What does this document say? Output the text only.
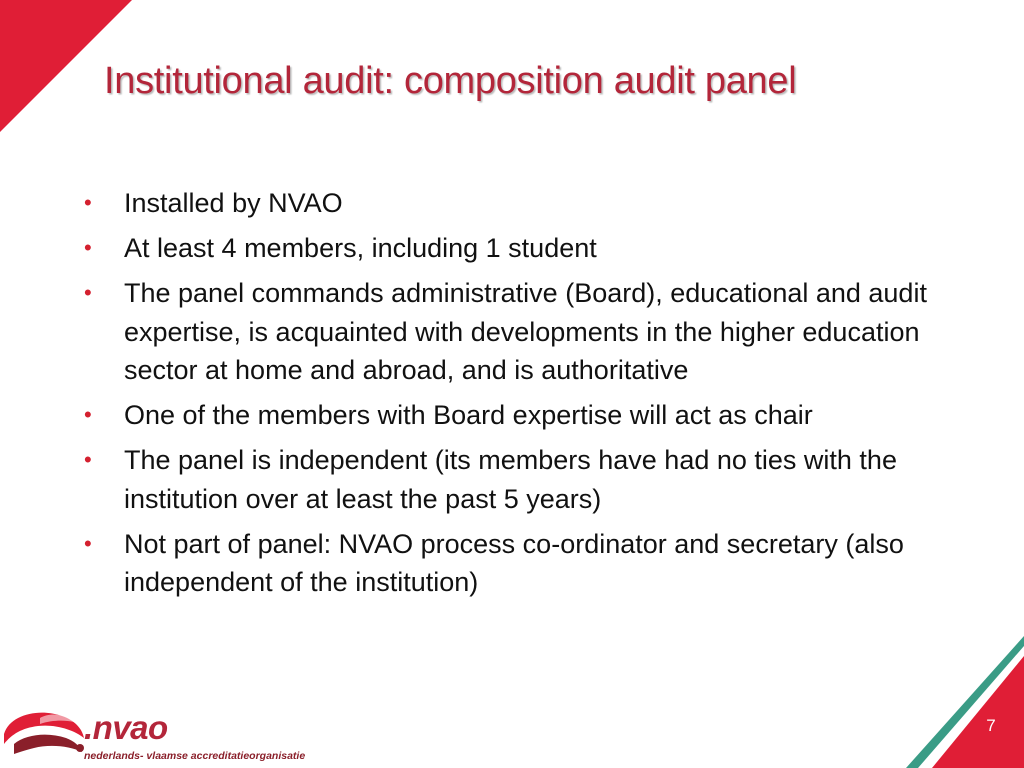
Institutional audit: composition audit panel
• Installed by NVAO
• At least 4 members, including 1 student
• The panel commands administrative (Board), educational and audit expertise, is acquainted with developments in the higher education sector at home and abroad, and is authoritative
• One of the members with Board expertise will act as chair
• The panel is independent (its members have had no ties with the institution over at least the past 5 years)
• Not part of panel: NVAO process co-ordinator and secretary (also independent of the institution)
.nvao
nederlands- vlaamse accreditatieorganisatie
7
